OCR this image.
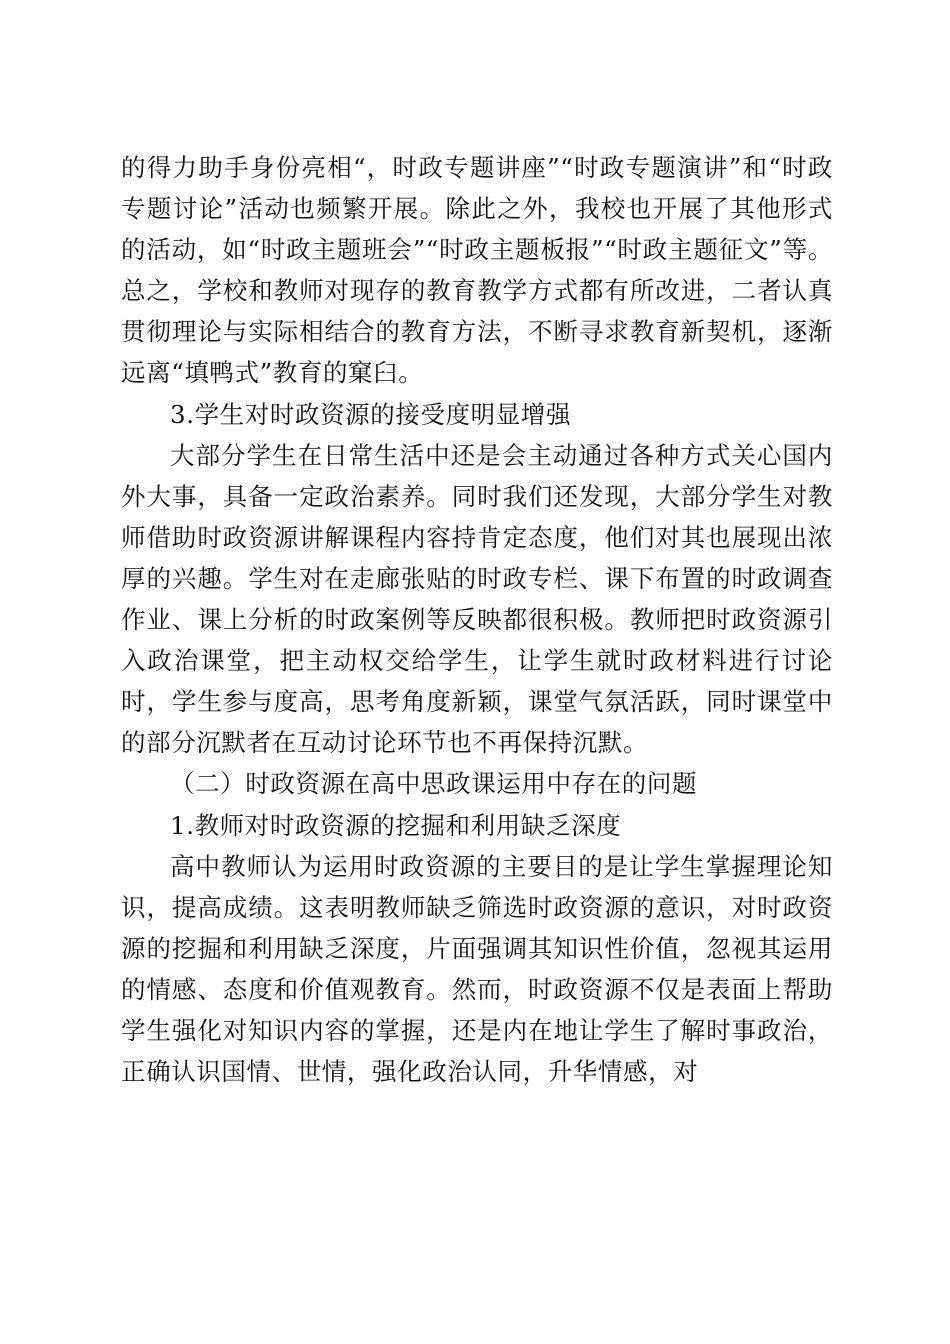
的得力助手身份亮相“，时政专题讲座”“时政专题演讲”和“时政专题讨论”活动也频繁开展。除此之外，我校也开展了其他形式的活动，如“时政主题班会”“时政主题板报”“时政主题征文”等。总之，学校和教师对现存的教育教学方式都有所改进，二者认真贯彻理论与实际相结合的教育方法，不断寻求教育新契机，逐渐远离“填鸭式”教育的窠臼。

3.学生对时政资源的接受度明显增强

大部分学生在日常生活中还是会主动通过各种方式关心国内外大事，具备一定政治素养。同时我们还发现，大部分学生对教师借助时政资源讲解课程内容持肯定态度，他们对其也展现出浓厚的兴趣。学生对在走廊张贴的时政专栏、课下布置的时政调查作业、课上分析的时政案例等反映都很积极。教师把时政资源引入政治课堂，把主动权交给学生，让学生就时政材料进行讨论时，学生参与度高，思考角度新颖，课堂气氛活跃，同时课堂中的部分沉默者在互动讨论环节也不再保持沉默。

（二）时政资源在高中思政课运用中存在的问题

1.教师对时政资源的挖掘和利用缺乏深度

高中教师认为运用时政资源的主要目的是让学生掌握理论知识，提高成绩。这表明教师缺乏筛选时政资源的意识，对时政资源的挖掘和利用缺乏深度，片面强调其知识性价值，忽视其运用的情感、态度和价值观教育。然而，时政资源不仅是表面上帮助学生强化对知识内容的掌握，还是内在地让学生了解时事政治，正确认识国情、世情，强化政治认同，升华情感，对
